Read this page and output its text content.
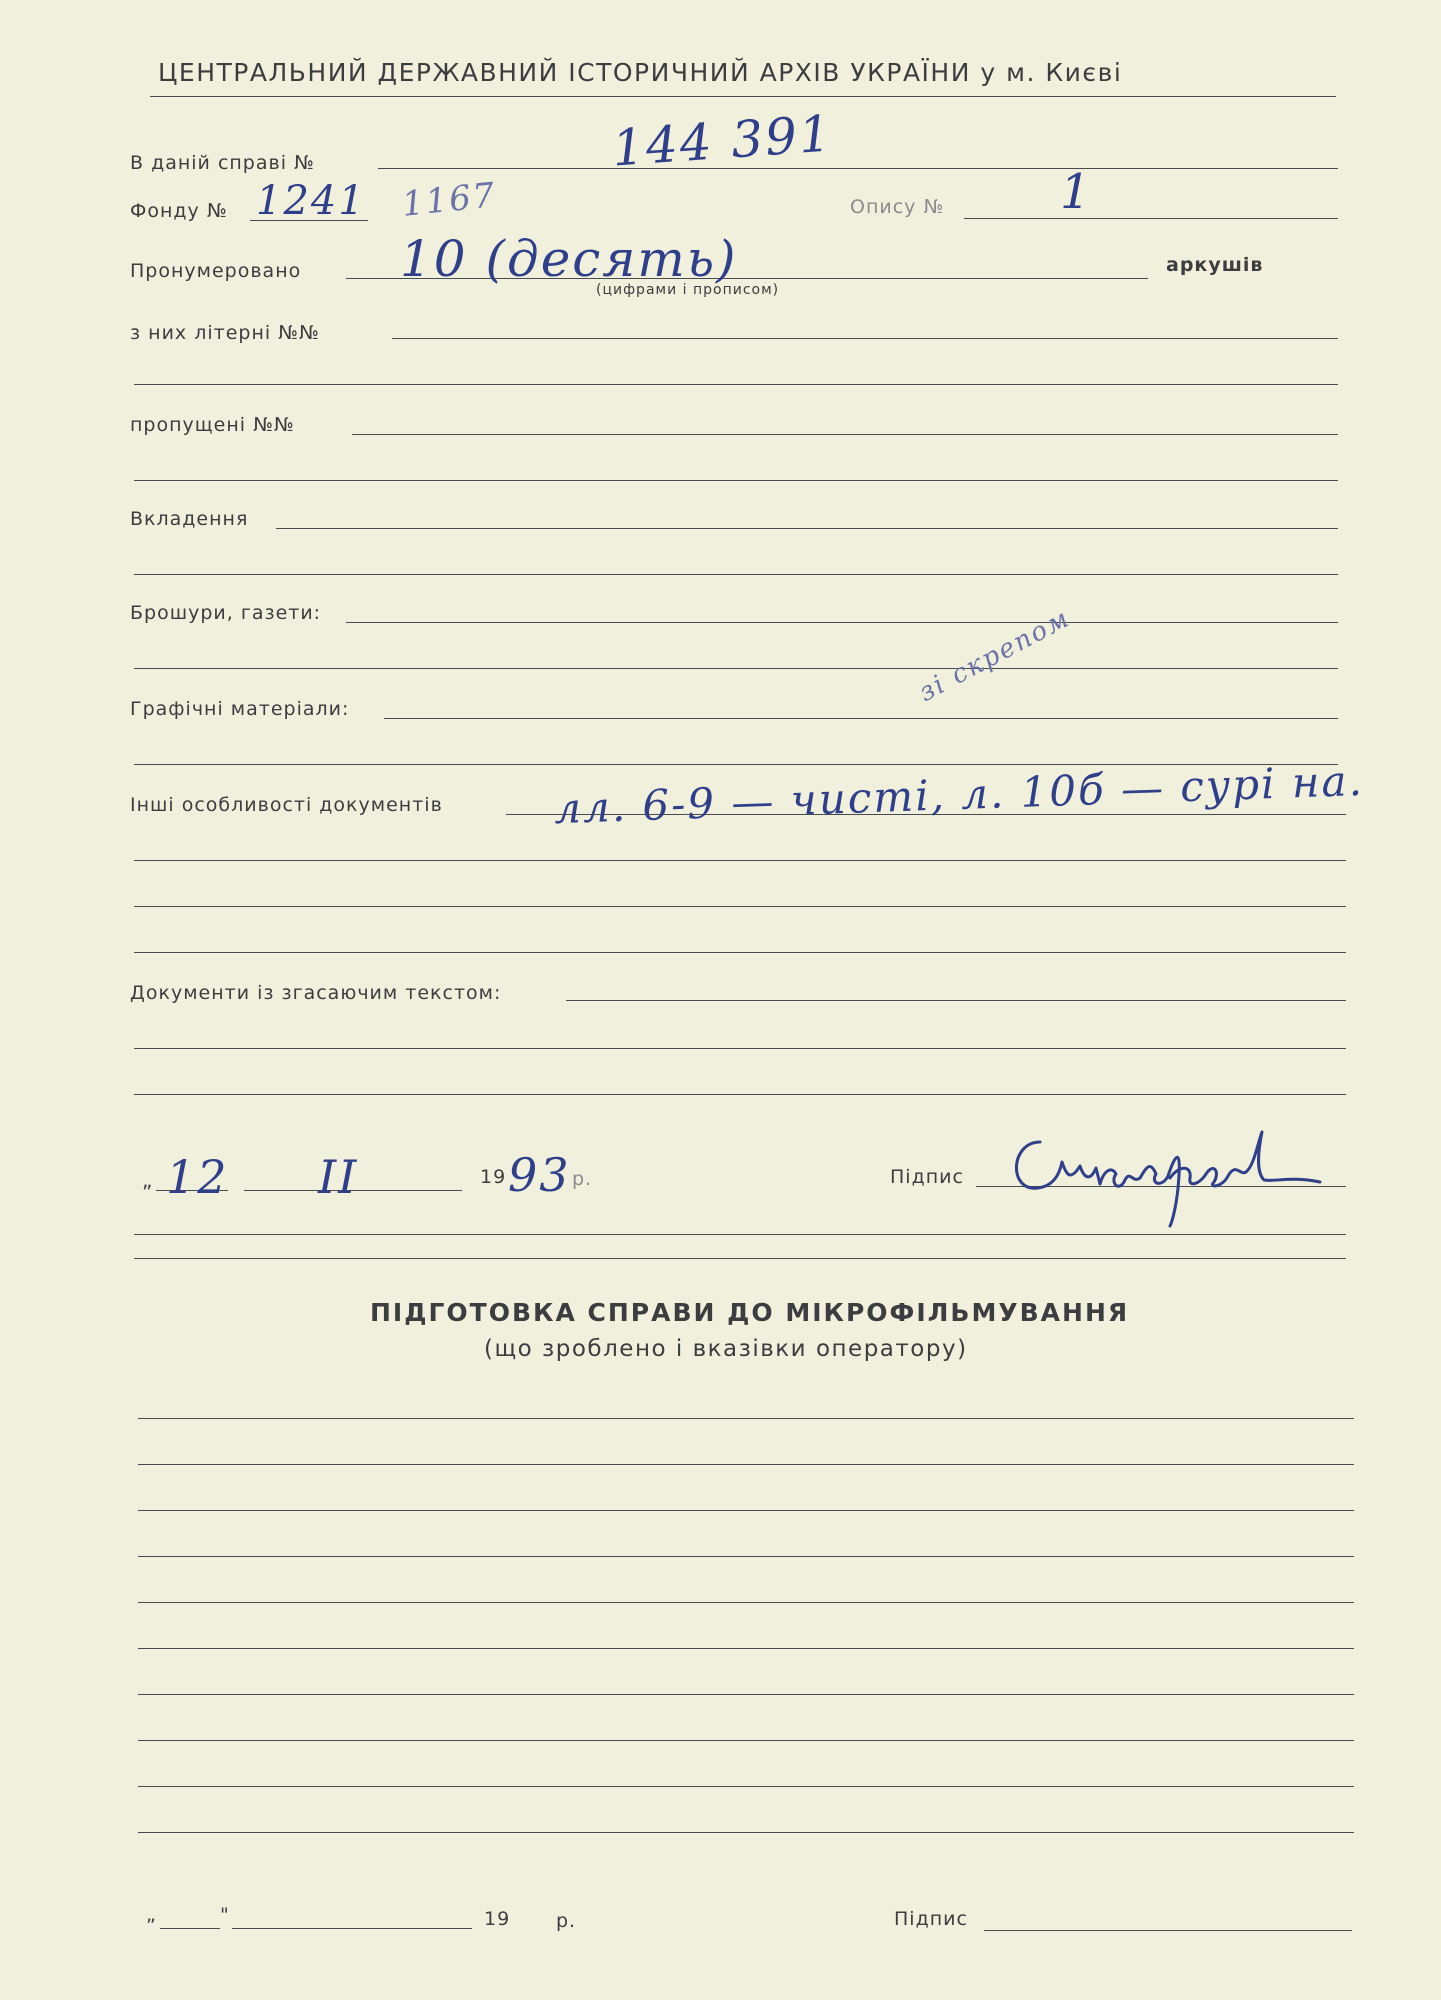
ЦЕНТРАЛЬНИЙ ДЕРЖАВНИЙ ІСТОРИЧНИЙ АРХІВ УКРАЇНИ у м. Києві
В даній справі №	144 391
Фонду № 1241 1167	Опису № 1
Пронумеровано 10 (десять)
(цифрами і прописом)
аркушів
з них літерні №№
пропущені №№
Вкладення
Брошури, газети:
Графічні матеріали:
зі скрепом
Інші особливості документів	лл. 6-9 — чисті, л. 10б — сурі на.
Документи із згасаючим текстом:
„ 12 II	19 93 р.	Підпис
ПІДГОТОВКА СПРАВИ ДО МІКРОФІЛЬМУВАННЯ
(що зроблено і вказівки оператору)
„	"	19 р.	Підпис
